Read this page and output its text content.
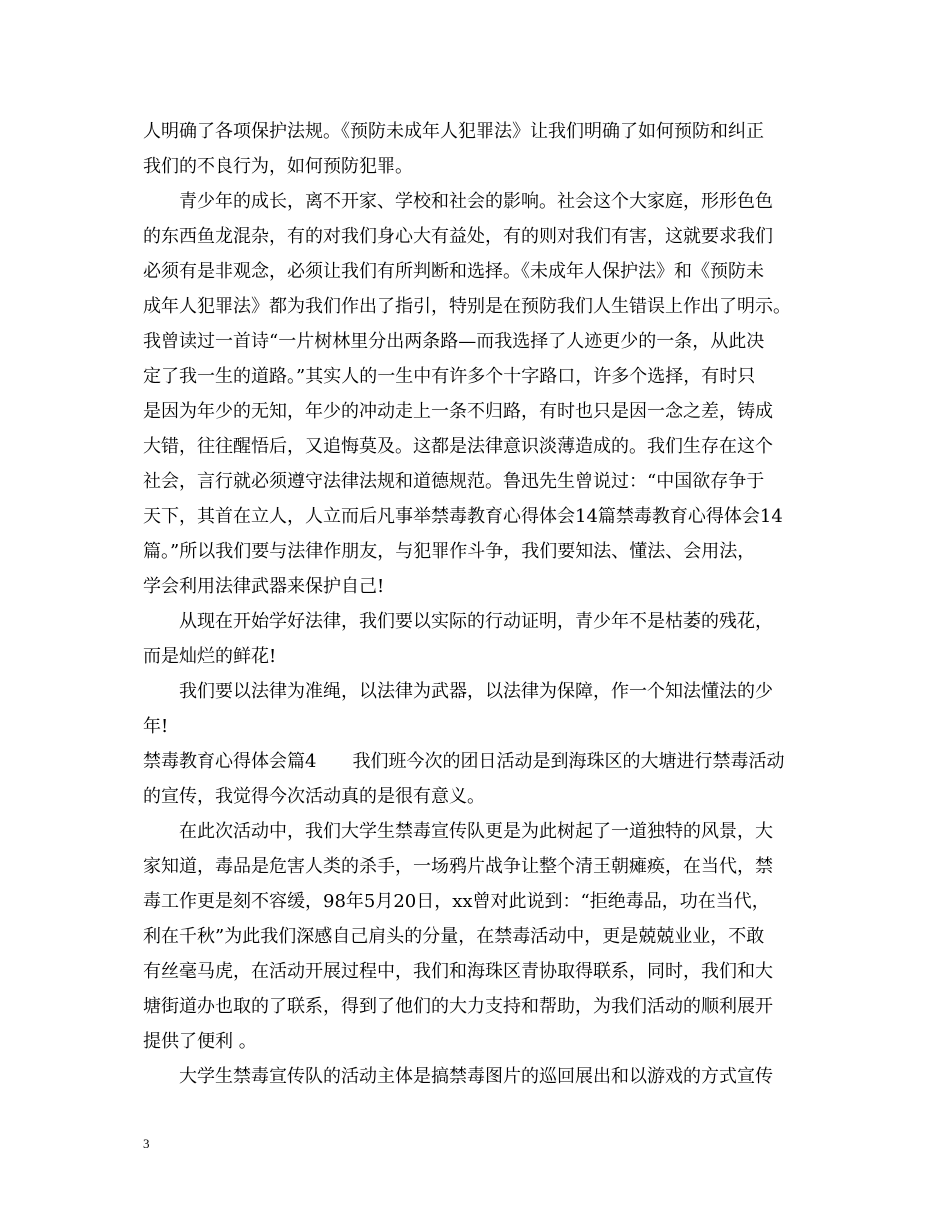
人明确了各项保护法规。《预防未成年人犯罪法》让我们明确了如何预防和纠正
我们的不良行为，如何预防犯罪。
青少年的成长，离不开家、学校和社会的影响。社会这个大家庭，形形色色
的东西鱼龙混杂，有的对我们身心大有益处，有的则对我们有害，这就要求我们
必须有是非观念，必须让我们有所判断和选择。《未成年人保护法》和《预防未
成年人犯罪法》都为我们作出了指引，特别是在预防我们人生错误上作出了明示。
我曾读过一首诗“一片树林里分出两条路—而我选择了人迹更少的一条，从此决
定了我一生的道路。”其实人的一生中有许多个十字路口，许多个选择，有时只
是因为年少的无知，年少的冲动走上一条不归路，有时也只是因一念之差，铸成
大错，往往醒悟后，又追悔莫及。这都是法律意识淡薄造成的。我们生存在这个
社会，言行就必须遵守法律法规和道德规范。鲁迅先生曾说过：“中国欲存争于
天下，其首在立人，人立而后凡事举禁毒教育心得体会14篇禁毒教育心得体会14
篇。”所以我们要与法律作朋友，与犯罪作斗争，我们要知法、懂法、会用法，
学会利用法律武器来保护自己!
从现在开始学好法律，我们要以实际的行动证明，青少年不是枯萎的残花，
而是灿烂的鲜花!
我们要以法律为准绳，以法律为武器，以法律为保障，作一个知法懂法的少
年!
禁毒教育心得体会篇4　　我们班今次的团日活动是到海珠区的大塘进行禁毒活动
的宣传，我觉得今次活动真的是很有意义。
在此次活动中，我们大学生禁毒宣传队更是为此树起了一道独特的风景，大
家知道，毒品是危害人类的杀手，一场鸦片战争让整个清王朝瘫痪，在当代，禁
毒工作更是刻不容缓，98年5月20日，xx曾对此说到：“拒绝毒品，功在当代，
利在千秋”为此我们深感自己肩头的分量，在禁毒活动中，更是兢兢业业，不敢
有丝毫马虎，在活动开展过程中，我们和海珠区青协取得联系，同时，我们和大
塘街道办也取的了联系，得到了他们的大力支持和帮助，为我们活动的顺利展开
提供了便利 。
大学生禁毒宣传队的活动主体是搞禁毒图片的巡回展出和以游戏的方式宣传
3
